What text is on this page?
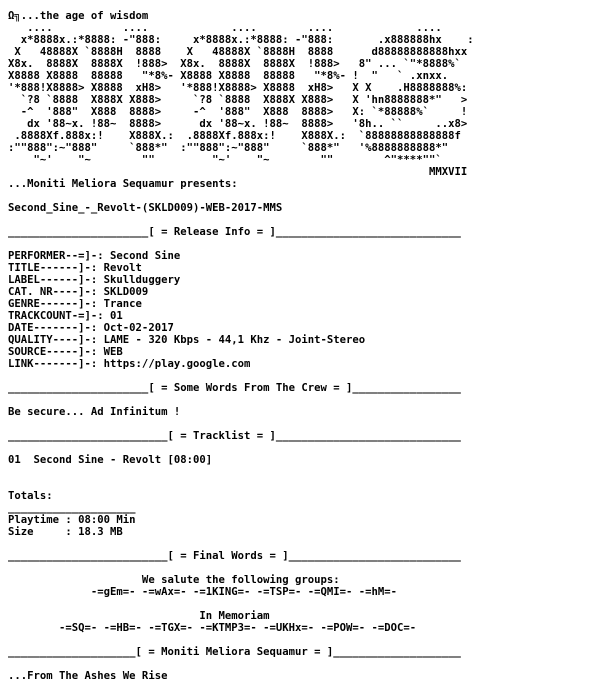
Ω╗...the age of wisdom
....           ....             ....        ....             ....
x*8888x.:*8888: -"888:     x*8888x.:*8888: -"888:       .x888888hx    :
X   48888X `8888H  8888    X   48888X `8888H  8888      d88888888888hxx
X8x.  8888X  8888X  !888>  X8x.  8888X  8888X  !888>   8" ... `"*8888%`
X8888 X8888  88888   "*8%- X8888 X8888  88888   "*8%- !  "   ` .xnxx.
'*888!X8888> X8888  xH8>   '*888!X8888> X8888  xH8>   X X    .H8888888%:
`?8 `8888  X888X X888>     `?8 `8888  X888X X888>   X 'hn8888888*"   >
-^  '888"  X888  8888>     -^  '888"  X888  8888>   X: `*88888%`     !
dx '88~x. !88~  8888>      dx '88~x. !88~  8888>   '8h.. ``     ..x8>
.8888Xf.888x:!    X888X.:  .8888Xf.888x:!    X888X.:  `88888888888888f
:""888":~"888"     `888*"  :""888":~"888"     `888*"   '%8888888888*"
"~'    "~        ""         "~'    "~        ""        ^"****""`
MMXVII
...Moniti Meliora Sequamur presents:

Second_Sine_-_Revolt-(SKLD009)-WEB-2017-MMS

______________________[ = Release Info = ]_____________________________

PERFORMER--=]-: Second Sine
TITLE------]-: Revolt
LABEL------]-: Skullduggery
CAT. NR----]-: SKLD009
GENRE------]-: Trance
TRACKCOUNT-=]-: 01
DATE-------]-: Oct-02-2017
QUALITY----]-: LAME - 320 Kbps - 44,1 Khz - Joint-Stereo
SOURCE-----]-: WEB
LINK-------]-: https://play.google.com

______________________[ = Some Words From The Crew = ]_________________

Be secure... Ad Infinitum !

_________________________[ = Tracklist = ]_____________________________

01  Second Sine - Revolt [08:00]

Totals:
____________________
Playtime : 08:00 Min
Size     : 18.3 MB

_________________________[ = Final Words = ]___________________________

We salute the following groups:
-=gEm=- -=wAx=- -=1KING=- -=TSP=- -=QMI=- -=hM=-

In Memoriam
-=SQ=- -=HB=- -=TGX=- -=KTMP3=- -=UKHx=- -=POW=- -=DOC=-

____________________[ = Moniti Meliora Sequamur = ]____________________

...From The Ashes We Rise
